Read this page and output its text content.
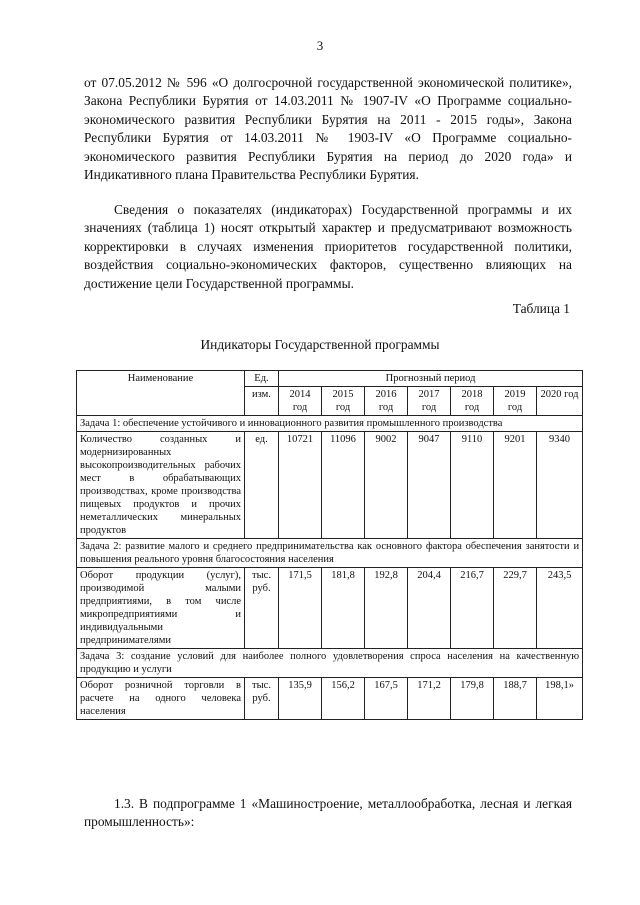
3

от 07.05.2012 № 596 «О долгосрочной государственной экономической политике», Закона Республики Бурятия от 14.03.2011 № 1907-IV «О Программе социально-экономического развития Республики Бурятия на 2011 - 2015 годы», Закона Республики Бурятия от 14.03.2011 № 1903-IV «О Программе социально-экономического развития Республики Бурятия на период до 2020 года» и Индикативного плана Правительства Республики Бурятия.

Сведения о показателях (индикаторах) Государственной программы и их значениях (таблица 1) носят открытый характер и предусматривают возможность корректировки в случаях изменения приоритетов государственной политики, воздействия социально-экономических факторов, существенно влияющих на достижение цели Государственной программы.

Таблица 1
Индикаторы Государственной программы
Наименование	Ед.	Прогнозный период						
	изм.	2014 год	2015 год	2016 год	2017 год	2018 год	2019 год	2020 год
Задача 1: обеспечение устойчивого и инновационного развития промышленного производства								
Количество созданных и модернизированных высокопроизводительных рабочих мест в обрабатывающих производствах, кроме производства пищевых продуктов и прочих неметаллических минеральных продуктов	ед.	10721	11096	9002	9047	9110	9201	9340
Задача 2: развитие малого и среднего предпринимательства как основного фактора обеспечения занятости и повышения реального уровня благосостояния населения								
Оборот продукции (услуг), производимой малыми предприятиями, в том числе микропредприятиями и индивидуальными предпринимателями	тыс. руб.	171,5	181,8	192,8	204,4	216,7	229,7	243,5
Задача 3: создание условий для наиболее полного удовлетворения спроса населения на качественную продукцию и услуги								
Оборот розничной торговли в расчете на одного человека населения	тыс. руб.	135,9	156,2	167,5	171,2	179,8	188,7	198,1»

1.3. В подпрограмме 1 «Машиностроение, металлообработка, лесная и легкая промышленность»:
